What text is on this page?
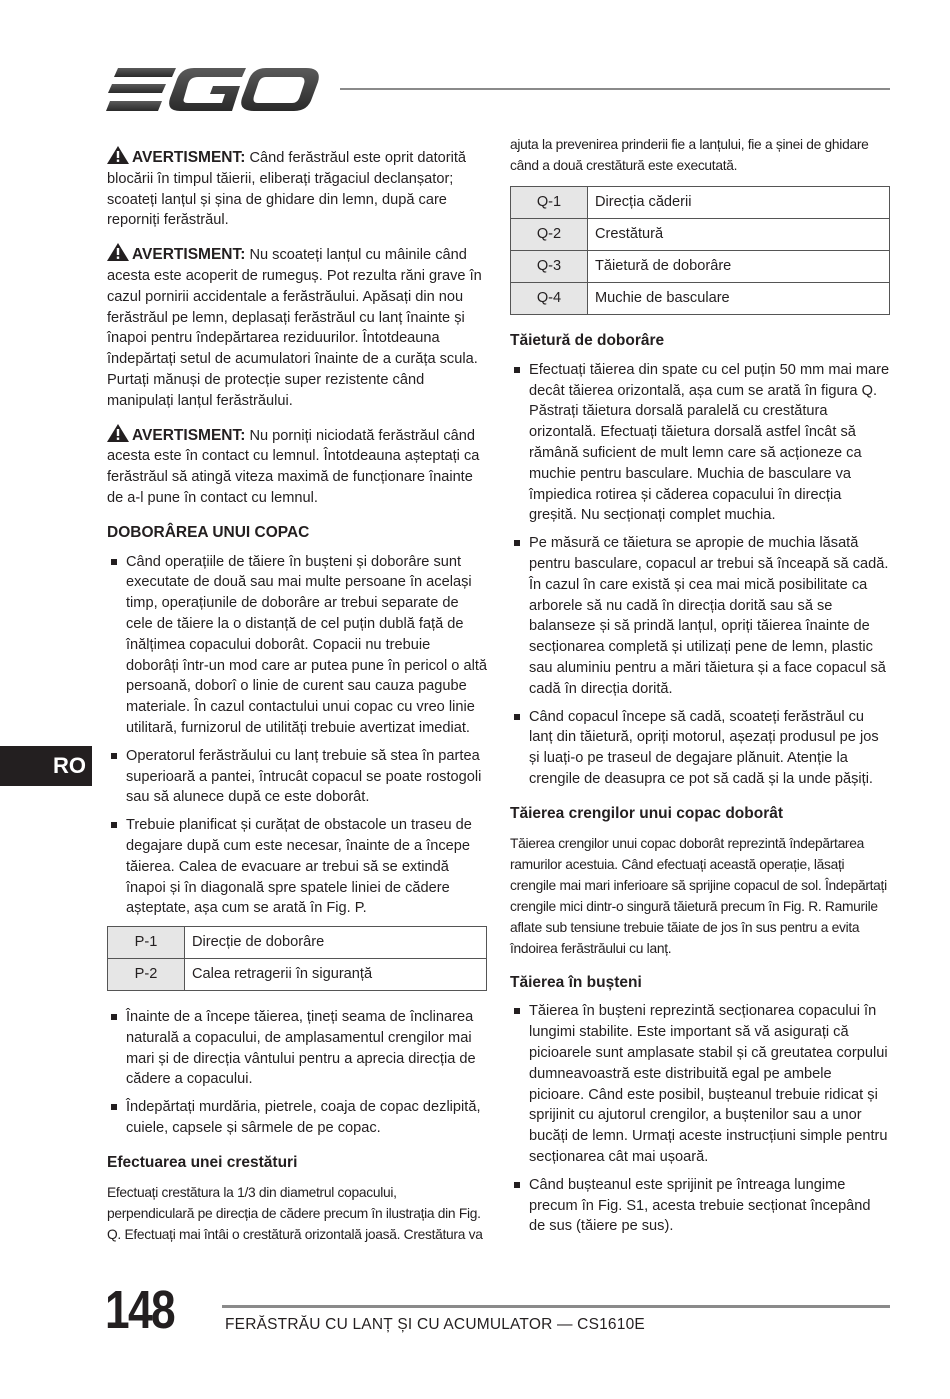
AVERTISMENT: Când ferăstrăul este oprit datorită blocării în timpul tăierii, eliberați trăgaciul declanșator; scoateți lanțul și șina de ghidare din lemn, după care reporniți ferăstrăul.
AVERTISMENT: Nu scoateți lanțul cu mâinile când acesta este acoperit de rumeguș. Pot rezulta răni grave în cazul pornirii accidentale a ferăstrăului. Apăsați din nou ferăstrăul pe lemn, deplasați ferăstrăul cu lanț înainte și înapoi pentru îndepărtarea reziduurilor. Întotdeauna îndepărtați setul de acumulatori înainte de a curăța scula. Purtați mănuși de protecție super rezistente când manipulați lanțul ferăstrăului.
AVERTISMENT: Nu porniți niciodată ferăstrăul când acesta este în contact cu lemnul. Întotdeauna așteptați ca ferăstrăul să atingă viteza maximă de funcționare înainte de a-l pune în contact cu lemnul.
DOBORÂREA UNUI COPAC
Când operațiile de tăiere în bușteni și doborâre sunt executate de două sau mai multe persoane în același timp, operațiunile de doborâre ar trebui separate de cele de tăiere la o distanță de cel puțin dublă față de înălțimea copacului doborât. Copacii nu trebuie doborâți într-un mod care ar putea pune în pericol o altă persoană, doborî o linie de curent sau cauza pagube materiale. În cazul contactului unui copac cu vreo linie utilitară, furnizorul de utilități trebuie avertizat imediat.
Operatorul ferăstrăului cu lanț trebuie să stea în partea superioară a pantei, întrucât copacul se poate rostogoli sau să alunece după ce este doborât.
Trebuie planificat și curățat de obstacole un traseu de degajare după cum este necesar, înainte de a începe tăierea. Calea de evacuare ar trebui să se extindă înapoi și în diagonală spre spatele liniei de cădere așteptate, așa cum se arată în Fig. P.
P-1	Direcție de doborâre
P-2	Calea retragerii în siguranță
Înainte de a începe tăierea, țineți seama de înclinarea naturală a copacului, de amplasamentul crengilor mai mari și de direcția vântului pentru a aprecia direcția de cădere a copacului.
Îndepărtați murdăria, pietrele, coaja de copac dezlipită, cuiele, capsele și sârmele de pe copac.
Efectuarea unei crestături
Efectuați crestătura la 1/3 din diametrul copacului, perpendiculară pe direcția de cădere precum în ilustrația din Fig. Q. Efectuați mai întâi o crestătură orizontală joasă. Crestătura va
ajuta la prevenirea prinderii fie a lanțului, fie a șinei de ghidare când a două crestătură este executată.
Q-1	Direcția căderii
Q-2	Crestătură
Q-3	Tăietură de doborâre
Q-4	Muchie de basculare
Tăietură de doborâre
Efectuați tăierea din spate cu cel puțin 50 mm mai mare decât tăierea orizontală, așa cum se arată în figura Q. Păstrați tăietura dorsală paralelă cu crestătura orizontală. Efectuați tăietura dorsală astfel încât să rămână suficient de mult lemn care să acționeze ca muchie pentru basculare. Muchia de basculare va împiedica rotirea și căderea copacului în direcția greșită. Nu secționați complet muchia.
Pe măsură ce tăietura se apropie de muchia lăsată pentru basculare, copacul ar trebui să înceapă să cadă. În cazul în care există și cea mai mică posibilitate ca arborele să nu cadă în direcția dorită sau să se balanseze și să prindă lanțul, opriți tăierea înainte de secționarea completă și utilizați pene de lemn, plastic sau aluminiu pentru a mări tăietura și a face copacul să cadă în direcția dorită.
Când copacul începe să cadă, scoateți ferăstrăul cu lanț din tăietură, opriți motorul, așezați produsul pe jos și luați-o pe traseul de degajare plănuit. Atenție la crengile de deasupra ce pot să cadă și la unde pășiți.
Tăierea crengilor unui copac doborât
Tăierea crengilor unui copac doborât reprezintă îndepărtarea ramurilor acestuia. Când efectuați această operație, lăsați crengile mai mari inferioare să sprijine copacul de sol. Îndepărtați crengile mici dintr-o singură tăietură precum în Fig. R. Ramurile aflate sub tensiune trebuie tăiate de jos în sus pentru a evita îndoirea ferăstrăului cu lanț.
Tăierea în bușteni
Tăierea în bușteni reprezintă secționarea copacului în lungimi stabilite. Este important să vă asigurați că picioarele sunt amplasate stabil și că greutatea corpului dumneavoastră este distribuită egal pe ambele picioare. Când este posibil, bușteanul trebuie ridicat și sprijinit cu ajutorul crengilor, a buștenilor sau a unor bucăți de lemn. Urmați aceste instrucțiuni simple pentru secționarea cât mai ușoară.
Când bușteanul este sprijinit pe întreaga lungime precum în Fig. S1, acesta trebuie secționat începând de sus (tăiere pe sus).
RO
148	FERĂSTRĂU CU LANȚ ȘI CU ACUMULATOR — CS1610E
